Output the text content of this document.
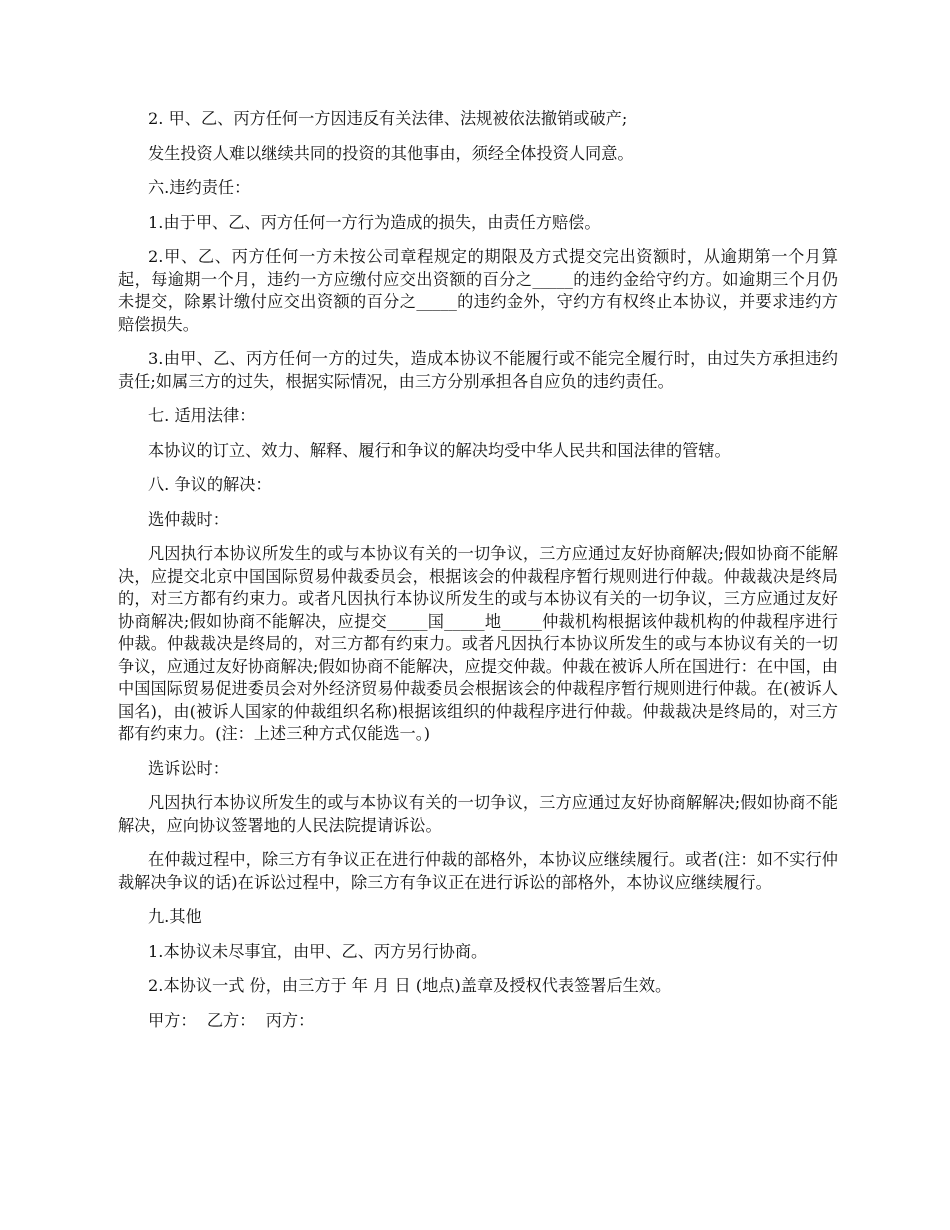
2. 甲、乙、丙方任何一方因违反有关法律、法规被依法撤销或破产;

发生投资人难以继续共同的投资的其他事由，须经全体投资人同意。

六.违约责任：

1.由于甲、乙、丙方任何一方行为造成的损失，由责任方赔偿。

2.甲、乙、丙方任何一方未按公司章程规定的期限及方式提交完出资额时，从逾期第一个月算起，每逾期一个月，违约一方应缴付应交出资额的百分之_____的违约金给守约方。如逾期三个月仍未提交，除累计缴付应交出资额的百分之_____的违约金外，守约方有权终止本协议，并要求违约方赔偿损失。

3.由甲、乙、丙方任何一方的过失，造成本协议不能履行或不能完全履行时，由过失方承担违约责任;如属三方的过失，根据实际情况，由三方分别承担各自应负的违约责任。

七. 适用法律：

本协议的订立、效力、解释、履行和争议的解决均受中华人民共和国法律的管辖。

八. 争议的解决：

选仲裁时：

凡因执行本协议所发生的或与本协议有关的一切争议，三方应通过友好协商解决;假如协商不能解决，应提交北京中国国际贸易仲裁委员会，根据该会的仲裁程序暂行规则进行仲裁。仲裁裁决是终局的，对三方都有约束力。或者凡因执行本协议所发生的或与本协议有关的一切争议，三方应通过友好协商解决;假如协商不能解决，应提交_____国_____地_____仲裁机构根据该仲裁机构的仲裁程序进行仲裁。仲裁裁决是终局的，对三方都有约束力。或者凡因执行本协议所发生的或与本协议有关的一切争议，应通过友好协商解决;假如协商不能解决，应提交仲裁。仲裁在被诉人所在国进行：在中国，由中国国际贸易促进委员会对外经济贸易仲裁委员会根据该会的仲裁程序暂行规则进行仲裁。在(被诉人国名)，由(被诉人国家的仲裁组织名称)根据该组织的仲裁程序进行仲裁。仲裁裁决是终局的，对三方都有约束力。(注：上述三种方式仅能选一。)

选诉讼时：

凡因执行本协议所发生的或与本协议有关的一切争议，三方应通过友好协商解解决;假如协商不能解决，应向协议签署地的人民法院提请诉讼。

在仲裁过程中，除三方有争议正在进行仲裁的部格外，本协议应继续履行。或者(注：如不实行仲裁解决争议的话)在诉讼过程中，除三方有争议正在进行诉讼的部格外，本协议应继续履行。

九.其他

1.本协议未尽事宜，由甲、乙、丙方另行协商。

2.本协议一式 份，由三方于 年 月 日 (地点)盖章及授权代表签署后生效。

甲方：  乙方：  丙方：
